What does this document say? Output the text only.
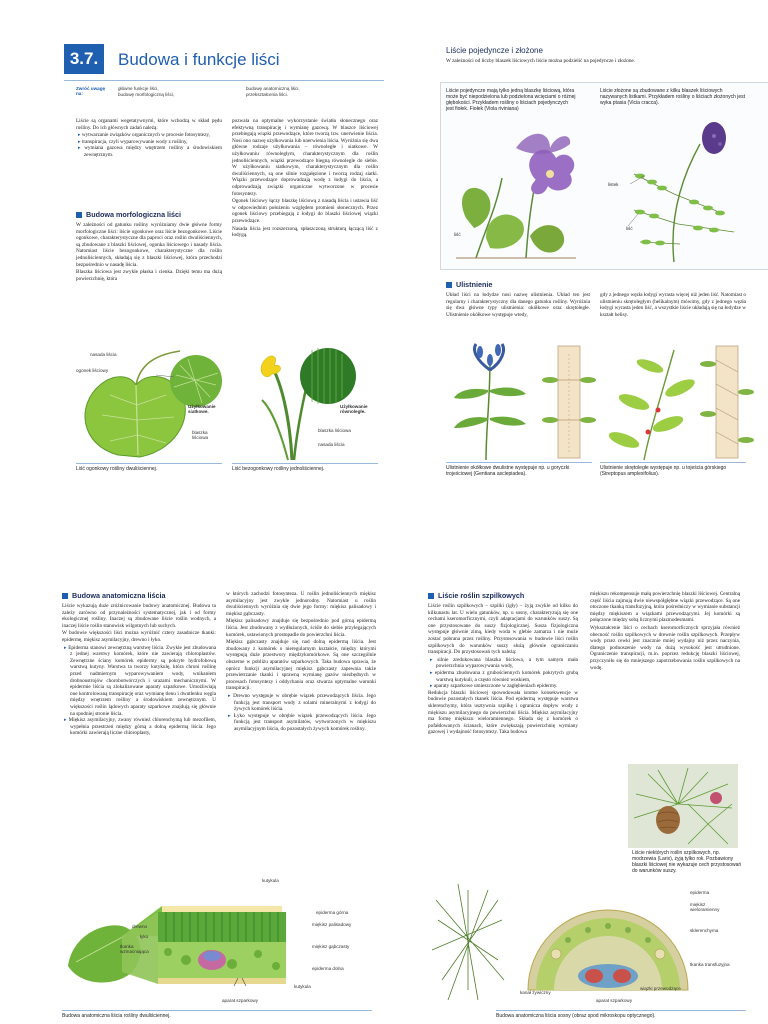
3.7.	Budowa i funkcje liści
Zwróć uwagę na:
główne funkcje liści,
budowę morfologiczną liści,
budowę anatomiczną liści,
przekształcenia liści.

Liście są organami wegetatywnymi, które wchodzą w skład pędu rośliny. Do ich głównych zadań należą:

▸ wytwarzanie związków organicznych w procesie fotosyntezy,

▸ transpiracja, czyli wyparowywanie wody z rośliny,

▸ wymiana gazowa między wnętrzem rośliny a środowiskiem zewnętrznym.

Budowa morfologiczna liści

W zależności od gatunku rośliny wyróżniamy dwie główne formy morfologiczne liści: liście ogonkowe oraz liście bezogonkowe. Liście ogonkowe, charakterystyczne dla paproci oraz roślin dwuliściennych, są zbudowane z blaszki liściowej, ogonka liściowego i nasady liścia. Natomiast liście bezogonkowe, charakterystyczne dla roślin jednoliściennych, składają się z blaszki liściowej, która przechodzi bezpośrednio w nasadę liścia.

Blaszka liściowa jest zwykle płaska i cienka. Dzięki temu ma dużą powierzchnię, która

pozwala na optymalne wykorzystanie światła słonecznego oraz efektywną transpirację i wymianę gazową. W blaszce liściowej przebiegają wiązki przewodzące, które tworzą tzw. unerwienie liścia. Nosi ono nazwę użyłkowania lub unerwienia liścia. Wyróżnia się dwa główne rodzaje użyłkowania – równoległe i siatkowe. W użyłkowaniu równoległym, charakterystycznym dla roślin jednoliściennych, wiązki przewodzące biegną równolegle do siebie. W użyłkowaniu siatkowym, charakterystycznym dla roślin dwuliściennych, są one silnie rozgałęzione i tworzą rodzaj siatki. Wiązki przewodzące doprowadzają wodę z łodygi do liścia, a odprowadzają związki organiczne wytworzone w procesie fotosyntezy.

Ogonek liściowy łączy blaszkę liściową z nasadą liścia i ustawia liść w odpowiednim położeniu względem promieni słonecznych. Przez ogonek liściowy przebiegają z łodygi do blaszki liściowej wiązki przewodzące.

Nasada liścia jest rozszerzoną, spłaszczoną strukturą łączącą liść z łodygą.

nasada liścia
ogonek liściowy
Użyłkowanie siatkowe.
blaszka liściowa
Liść ogonkowy rośliny dwuliściennej.
Użyłkowanie równoległe.
blaszka liściowa
nasada liścia
Liść bezogonkowy rośliny jednoliściennej.
Liście pojedyncze i złożone
W zależności od liczby blaszek liściowych liście można podzielić na pojedyncze i złożone.
Liście pojedyncze mają tylko jedną blaszkę liściową, która może być niepodzielona lub podzielona wcięciami o różnej głębokości. Przykładem rośliny o liściach pojedynczych jest fiołek. Fiołek (Viola riviniana)
Liście złożone są zbudowane z kilku blaszek liściowych nazywanych listkami. Przykładem rośliny o liściach złożonych jest wyka ptasia (Vicia cracca).
liść
listek
liść
Ulistnienie
Układ liści na łodydze nosi nazwę ulistnienia. Układ ten jest regularny i charakterystyczny dla danego gatunku rośliny. Wyróżnia się dwa główne typy ulistnienia: okółkowe oraz skrętoległe. Ulistnienie okółkowe występuje wtedy,
gdy z jednego węzła łodygi wyrasta więcej niż jeden liść. Natomiast o ulistnieniu skrętoległym (helikalnym) mówimy, gdy z jednego węzła łodygi wyrasta jeden liść, a wszystkie liście układają się na łodydze w kształt helisy.
Ulistnienie okółkowe dwulistne występuje np. u goryczki trojeściowej (Gentiana asclepiadea).
Ulistnienie skrętoległe występuje np. u tojeścia górskiego (Streptopus amplexifolius).
Budowa anatomiczna liścia

Liście wykazują duże zróżnicowanie budowy anatomicznej. Budowa ta zależy zarówno od przynależności systematycznej, jak i od formy ekologicznej rośliny. Inaczej są zbudowane liście roślin wodnych, a inaczej liście roślin stanowisk wilgotnych lub suchych.

W budowie większości liści można wyróżnić cztery zasadnicze tkanki: epidermę, miękisz asymilacyjny, drewno i łyko.

▸ Epiderma stanowi zewnętrzną warstwę liścia. Zwykle jest zbudowana z jednej warstwy komórek, które nie zawierają chloroplastów. Zewnętrzne ściany komórek epidermy są pokryte hydrofobową warstwą kutyny. Warstwa ta tworzy kutykulę, która chroni roślinę przed nadmiernym wyparowywaniem wody, wnikaniem drobnoustrojów chorobotwórczych i urazami mechanicznymi. W epidermie liścia są zlokalizowane aparaty szparkowe. Umożliwiają one kontrolowaną transpirację oraz wymianę tlenu i dwutlenku węgla między wnętrzem rośliny a środowiskiem zewnętrznym. U większości roślin lądowych aparaty szparkowe znajdują się głównie na spodniej stronie liścia.

▸ Miękisz asymilacyjny, zwany również chlorenchymą lub mezofilem, wypełnia przestrzeń między górną a dolną epidermą liścia. Jego komórki zawierają liczne chloroplasty,

w których zachodzi fotosynteza. U roślin jednoliściennych miękisz asymilacyjny jest zwykle jednorodny. Natomiast u roślin dwuliściennych wyróżnia się dwie jego formy: miękisz palisadowy i miękisz gąbczasty.

Miękisz palisadowy znajduje się bezpośrednio pod górną epidermą liścia. Jest zbudowany z wydłużonych, ściśle do siebie przylegających komórek, ustawionych prostopadle do powierzchni liścia.

Miękisz gąbczasty znajduje się nad dolną epidermą liścia. Jest zbudowany z komórek o nieregularnym kształcie, między którymi występują duże przestwory międzykomórkowe. Są one szczególnie obszerne w pobliżu aparatów szparkowych. Taka budowa sprawia, że oprócz funkcji asymilacyjnej miękisz gąbczasty zapewnia także przewietrzanie tkanki i sprawną wymianę gazów niezbędnych w procesach fotosyntezy i oddychania oraz stwarza optymalne warunki transpiracji.

▸ Drewno występuje w obrębie wiązek przewodzących liścia. Jego funkcją jest transport wody z solami mineralnymi z łodygi do żywych komórek liścia.

▸ Łyko występuje w obrębie wiązek przewodzących liścia. Jego funkcją jest transport asymilatów, wytworzonych w miękiszu asymilacyjnym liścia, do pozostałych żywych komórek rośliny.

kutykula
epiderma górna
miękisz palisadowy
miękisz gąbczasty
epiderma dolna
drewno
łyko
tkanka wzmacniająca
kutykula
aparat szparkowy
Budowa anatomiczna liścia rośliny dwuliściennej.
Liście roślin szpilkowych

Liście roślin szpilkowych – szpilki (igły) – żyją zwykle od kilku do kilkunastu lat. U wielu gatunków, np. u sosny, charakteryzują się one cechami kseromorficznymi, czyli adaptacjami do warunków suszy. Są one przystosowane do suszy fizjologicznej. Susza fizjologiczna występuje głównie zimą, kiedy woda w glebie zamarza i nie może zostać pobrana przez rośliny. Przystosowania w budowie liści roślin szpilkowych do warunków suszy służą głównie ograniczaniu transpiracji. Do przystosowań tych należą:

▸ silnie zredukowana blaszka liściowa, a tym samym mała powierzchnia wyparowywania wody,

▸ epiderma zbudowana z grubościennych komórek pokrytych grubą warstwą kutykuli, a często również woskiem,

▸ aparaty szparkowe umieszczone w zagłębieniach epidermy.

Redukcja blaszki liściowej spowodowała istotne konsekwencje w budowie pozostałych tkanek liścia. Pod epidermą występuje warstwa sklerenchymy, która usztywnia szpilkę i ogranicza dopływ wody z miękiszu asymilacyjnego do powierzchni liścia. Miękisz asymilacyjny ma formę miękiszu wieloramiennego. Składa się z komórek o pofałdowanych ścianach, które zwiększają powierzchnię wymiany gazowej i wydajność fotosyntezy. Taka budowa

miękiszu rekompensuje małą powierzchnię blaszki liściowej. Centralną część liścia zajmują dwie niewspółgłębne wiązki przewodzące. Są one otoczone tkanką transfuzyjną, która pośredniczy w wymianie substancji między miękiszem a wiązkami przewodzącymi. Jej komórki są połączone między sobą licznymi plazmodesmami.

Wykształcenie liści o cechach kseromorficznych sprzyjała również obecność roślin szpilkowych w drewnie roślin szpilkowych. Przepływ wody przez cewki jest znacznie mniej wydajny niż przez naczynia, dlatego podnoszenie wody na dużą wysokość jest utrudnione. Ograniczenie transpiracji, m.in. poprzez redukcję blaszki liściowej, przyczyniło się do mniejszego zapotrzebowania roślin szpilkowych na wodę.

Liście niektórych roślin szpilkowych, np. modrzewia (Larix), żyją tylko rok. Pozbawiony blaszki liściowej nie wykazuje cech przystosowań do warunków suszy.
epiderma
miękisz wieloramienny
sklerenchyma
tkanka transfuzyjna
kanał żywiczny
wiązki przewodzące
aparat szparkowy
Budowa anatomiczna liścia sosny (obraz spod mikroskopu optycznego).
